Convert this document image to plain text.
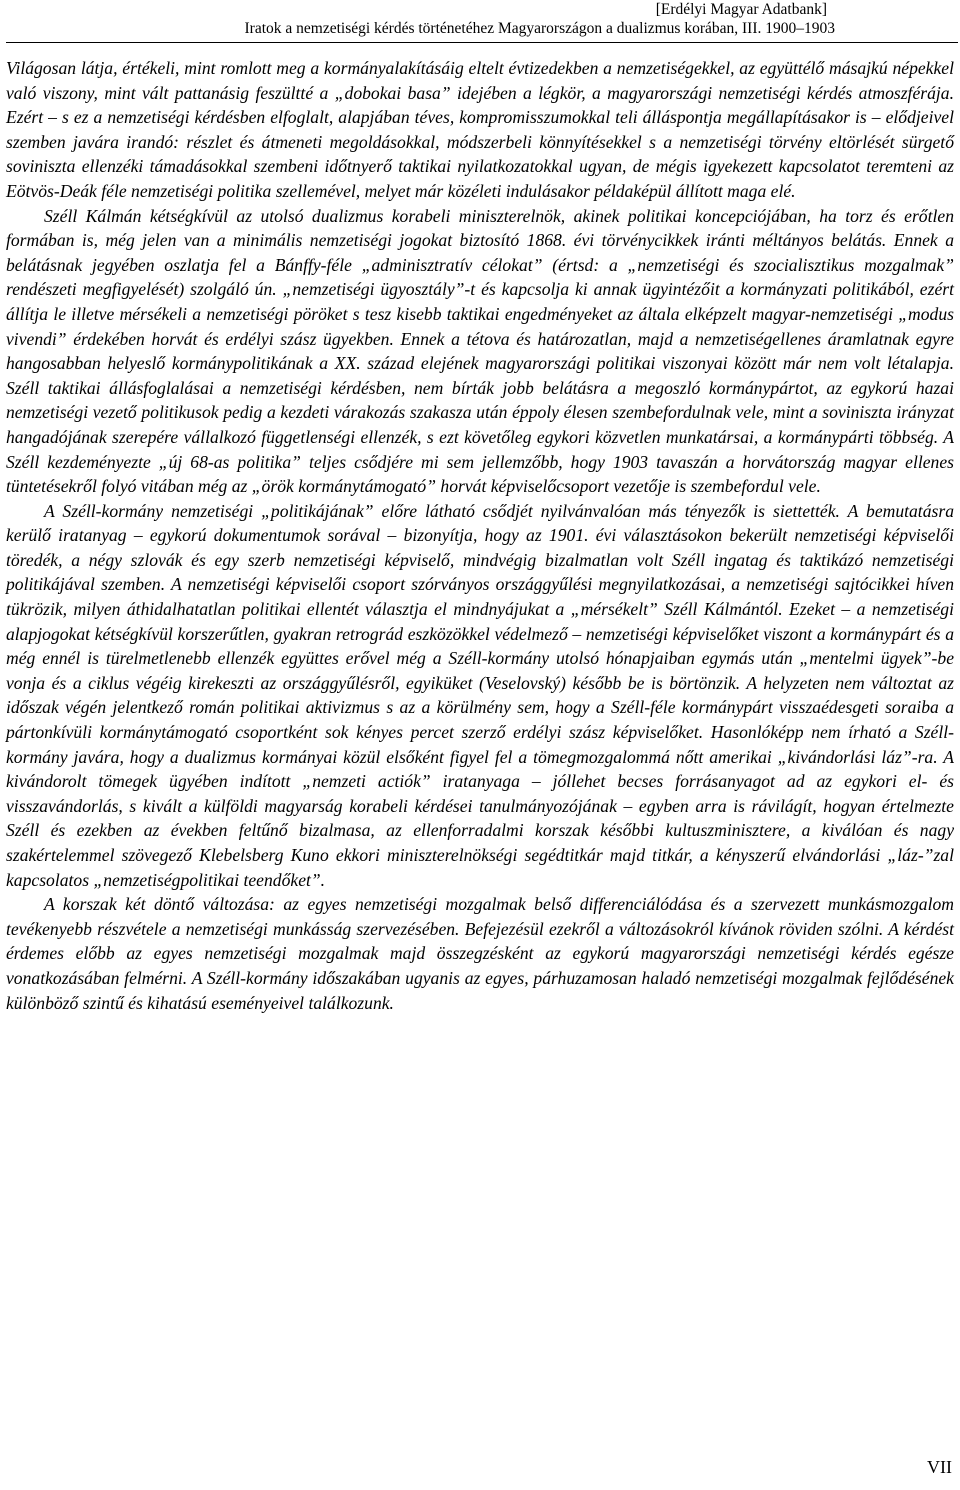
[Erdélyi Magyar Adatbank]
Iratok a nemzetiségi kérdés történetéhez Magyarországon a dualizmus korában, III. 1900–1903

Világosan látja, értékeli, mint romlott meg a kormányalakításáig eltelt évtizedekben a nemzetiségekkel, az együttélő másajkú népekkel való viszony, mint vált pattanásig feszültté a „dobokai basa” idejében a légkör, a magyarországi nemzetiségi kérdés atmoszférája. Ezért – s ez a nemzetiségi kérdésben elfoglalt, alapjában téves, kompromisszumokkal teli álláspontja megállapításakor is – elődjeivel szemben javára irandó: részlet és átmeneti megoldásokkal, módszerbeli könnyítésekkel s a nemzetiségi törvény eltörlését sürgető soviniszta ellenzéki támadásokkal szembeni időtnyerő taktikai nyilatkozatokkal ugyan, de mégis igyekezett kapcsolatot teremteni az Eötvös-Deák féle nemzetiségi politika szellemével, melyet már közéleti indulásakor példaképül állított maga elé.

Széll Kálmán kétségkívül az utolsó dualizmus korabeli miniszterelnök, akinek politikai koncepciójában, ha torz és erőtlen formában is, még jelen van a minimális nemzetiségi jogokat biztosító 1868. évi törvénycikkek iránti méltányos belátás. Ennek a belátásnak jegyében oszlatja fel a Bánffy-féle „adminisztratív célokat” (értsd: a „nemzetiségi és szocialisztikus mozgalmak” rendészeti megfigyelését) szolgáló ún. „nemzetiségi ügyosztály”-t és kapcsolja ki annak ügyintézőit a kormányzati politikából, ezért állítja le illetve mérsékeli a nemzetiségi pöröket s tesz kisebb taktikai engedményeket az általa elképzelt magyar-nemzetiségi „modus vivendi” érdekében horvát és erdélyi szász ügyekben. Ennek a tétova és határozatlan, majd a nemzetiségellenes áramlatnak egyre hangosabban helyeslő kormánypolitikának a XX. század elejének magyarországi politikai viszonyai között már nem volt létalapja. Széll taktikai állásfoglalásai a nemzetiségi kérdésben, nem bírták jobb belátásra a megoszló kormánypártot, az egykorú hazai nemzetiségi vezető politikusok pedig a kezdeti várakozás szakasza után éppoly élesen szembefordulnak vele, mint a soviniszta irányzat hangadójának szerepére vállalkozó függetlenségi ellenzék, s ezt követőleg egykori közvetlen munkatársai, a kormánypárti többség. A Széll kezdeményezte „új 68-as politika” teljes csődjére mi sem jellemzőbb, hogy 1903 tavaszán a horvátország magyar ellenes tüntetésekről folyó vitában még az „örök kormánytámogató” horvát képviselőcsoport vezetője is szembefordul vele.

A Széll-kormány nemzetiségi „politikájának” előre látható csődjét nyilvánvalóan más tényezők is siettették. A bemutatásra kerülő iratanyag – egykorú dokumentumok sorával – bizonyítja, hogy az 1901. évi választásokon bekerült nemzetiségi képviselői töredék, a négy szlovák és egy szerb nemzetiségi képviselő, mindvégig bizalmatlan volt Széll ingatag és taktikázó nemzetiségi politikájával szemben. A nemzetiségi képviselői csoport szórványos országgyűlési megnyilatkozásai, a nemzetiségi sajtócikkei híven tükrözik, milyen áthidalhatatlan politikai ellentét választja el mindnyájukat a „mérsékelt” Széll Kálmántól. Ezeket – a nemzetiségi alapjogokat kétségkívül korszerűtlen, gyakran retrográd eszközökkel védelmező – nemzetiségi képviselőket viszont a kormánypárt és a még ennél is türelmetlenebb ellenzék együttes erővel még a Széll-kormány utolsó hónapjaiban egymás után „mentelmi ügyek”-be vonja és a ciklus végéig kirekeszti az országgyűlésről, egyiküket (Veselovský) később be is börtönzik. A helyzeten nem változtat az időszak végén jelentkező román politikai aktivizmus s az a körülmény sem, hogy a Széll-féle kormánypárt visszaédesgeti soraiba a pártonkívüli kormánytámogató csoportként sok kényes percet szerző erdélyi szász képviselőket. Hasonlóképp nem írható a Széll-kormány javára, hogy a dualizmus kormányai közül elsőként figyel fel a tömegmozgalommá nőtt amerikai „kivándorlási láz”-ra. A kivándorolt tömegek ügyében indított „nemzeti actiók” iratanyaga – jóllehet becses forrásanyagot ad az egykori el- és visszavándorlás, s kivált a külföldi magyarság korabeli kérdései tanulmányozójának – egyben arra is rávilágít, hogyan értelmezte Széll és ezekben az években feltűnő bizalmasa, az ellenforradalmi korszak későbbi kultuszminisztere, a kiválóan és nagy szakértelemmel szövegező Klebelsberg Kuno ekkori miniszterelnökségi segédtitkár majd titkár, a kényszerű elvándorlási „láz-”zal kapcsolatos „nemzetiségpolitikai teendőket”.

A korszak két döntő változása: az egyes nemzetiségi mozgalmak belső differenciálódása és a szervezett munkásmozgalom tevékenyebb részvétele a nemzetiségi munkásság szervezésében. Befejezésül ezekről a változásokról kívánok röviden szólni. A kérdést érdemes előbb az egyes nemzetiségi mozgalmak majd összegzésként az egykorú magyarországi nemzetiségi kérdés egésze vonatkozásában felmérni. A Széll-kormány időszakában ugyanis az egyes, párhuzamosan haladó nemzetiségi mozgalmak fejlődésének különböző szintű és kihatású eseményeivel találkozunk.

VII
